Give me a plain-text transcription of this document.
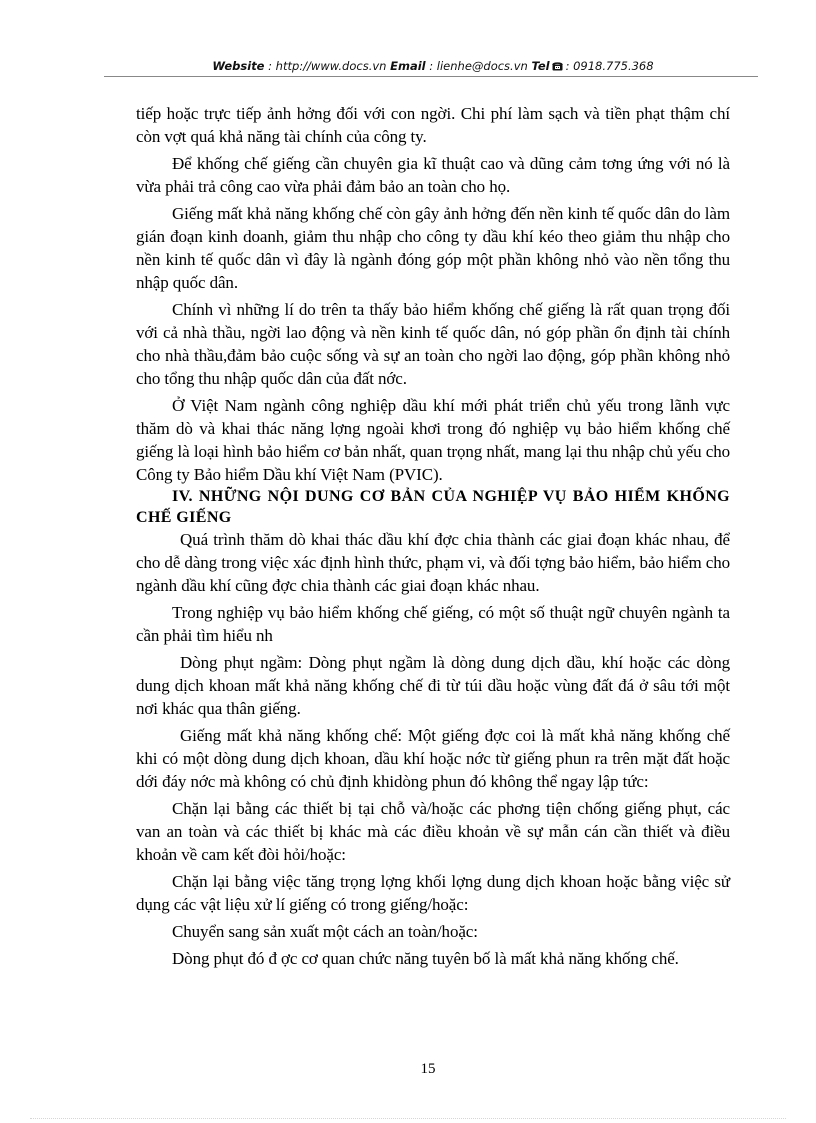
Website : http://www.docs.vn Email : lienhe@docs.vn Tel : 0918.775.368

tiếp hoặc trực tiếp ảnh hởng đối với con ngời. Chi phí làm sạch và tiền phạt thậm chí còn vợt quá khả năng tài chính của công ty.

Để khống chế giếng cần chuyên gia kĩ thuật cao và dũng cảm tơng ứng với nó là vừa phải trả công cao vừa phải đảm bảo an toàn cho họ.

Giếng mất khả năng khống chế còn gây ảnh hởng đến nền kinh tế quốc dân do làm gián đoạn kinh doanh, giảm thu nhập cho công ty dầu khí kéo theo giảm thu nhập cho nền kinh tế quốc dân vì đây là ngành đóng góp một phần không nhỏ vào nền tổng thu nhập quốc dân.

Chính vì những lí do trên ta thấy bảo hiểm khống chế giếng là rất quan trọng đối với cả nhà thầu, ngời lao động và nền kinh tế quốc dân, nó góp phần ổn định tài chính cho nhà thầu,đảm bảo cuộc sống và sự an toàn cho ngời lao động, góp phần không nhỏ cho tổng thu nhập quốc dân của đất nớc.

Ở Việt Nam ngành công nghiệp dầu khí mới phát triển chủ yếu trong lãnh vực thăm dò và khai thác năng lợng ngoài khơi trong đó nghiệp vụ bảo hiểm khống chế giếng là loại hình bảo hiểm cơ bản nhất, quan trọng nhất, mang lại thu nhập chủ yếu cho Công ty Bảo hiểm Dầu khí Việt Nam (PVIC).

IV. NHỮNG NỘI DUNG CƠ BẢN CỦA NGHIỆP VỤ BẢO HIỂM KHỐNG CHẾ GIẾNG

Quá trình thăm dò khai thác dầu khí đợc chia thành các giai đoạn khác nhau, để cho dễ dàng trong việc xác định hình thức, phạm vi, và đối tợng bảo hiểm, bảo hiểm cho ngành dầu khí cũng đợc chia thành các giai đoạn khác nhau.

Trong nghiệp vụ bảo hiểm khống chế giếng, có một số thuật ngữ chuyên ngành ta cần phải tìm hiểu nh

Dòng phụt ngầm: Dòng phụt ngầm là dòng dung dịch dầu, khí hoặc các dòng dung dịch khoan mất khả năng khống chế đi từ túi dầu hoặc vùng đất đá ở sâu tới một nơi khác qua thân giếng.

Giếng mất khả năng khống chế: Một giếng đợc coi là mất khả năng khống chế khi có một dòng dung dịch khoan, dầu khí hoặc nớc từ giếng phun ra trên mặt đất hoặc dới đáy nớc mà không có chủ định khidòng phun đó không thể ngay lập tức:

Chặn lại bằng các thiết bị tại chỗ và/hoặc các phơng tiện chống giếng phụt, các van an toàn và các thiết bị khác mà các điều khoản về sự mẫn cán cần thiết và điều khoản về cam kết đòi hỏi/hoặc:

Chặn lại bằng việc tăng trọng lợng khối lợng dung dịch khoan hoặc bằng việc sử dụng các vật liệu xử lí giếng có trong giếng/hoặc:

Chuyển sang sản xuất một cách an toàn/hoặc:

Dòng phụt đó đ ợc cơ quan chức năng tuyên bố là mất khả năng khống chế.

15
